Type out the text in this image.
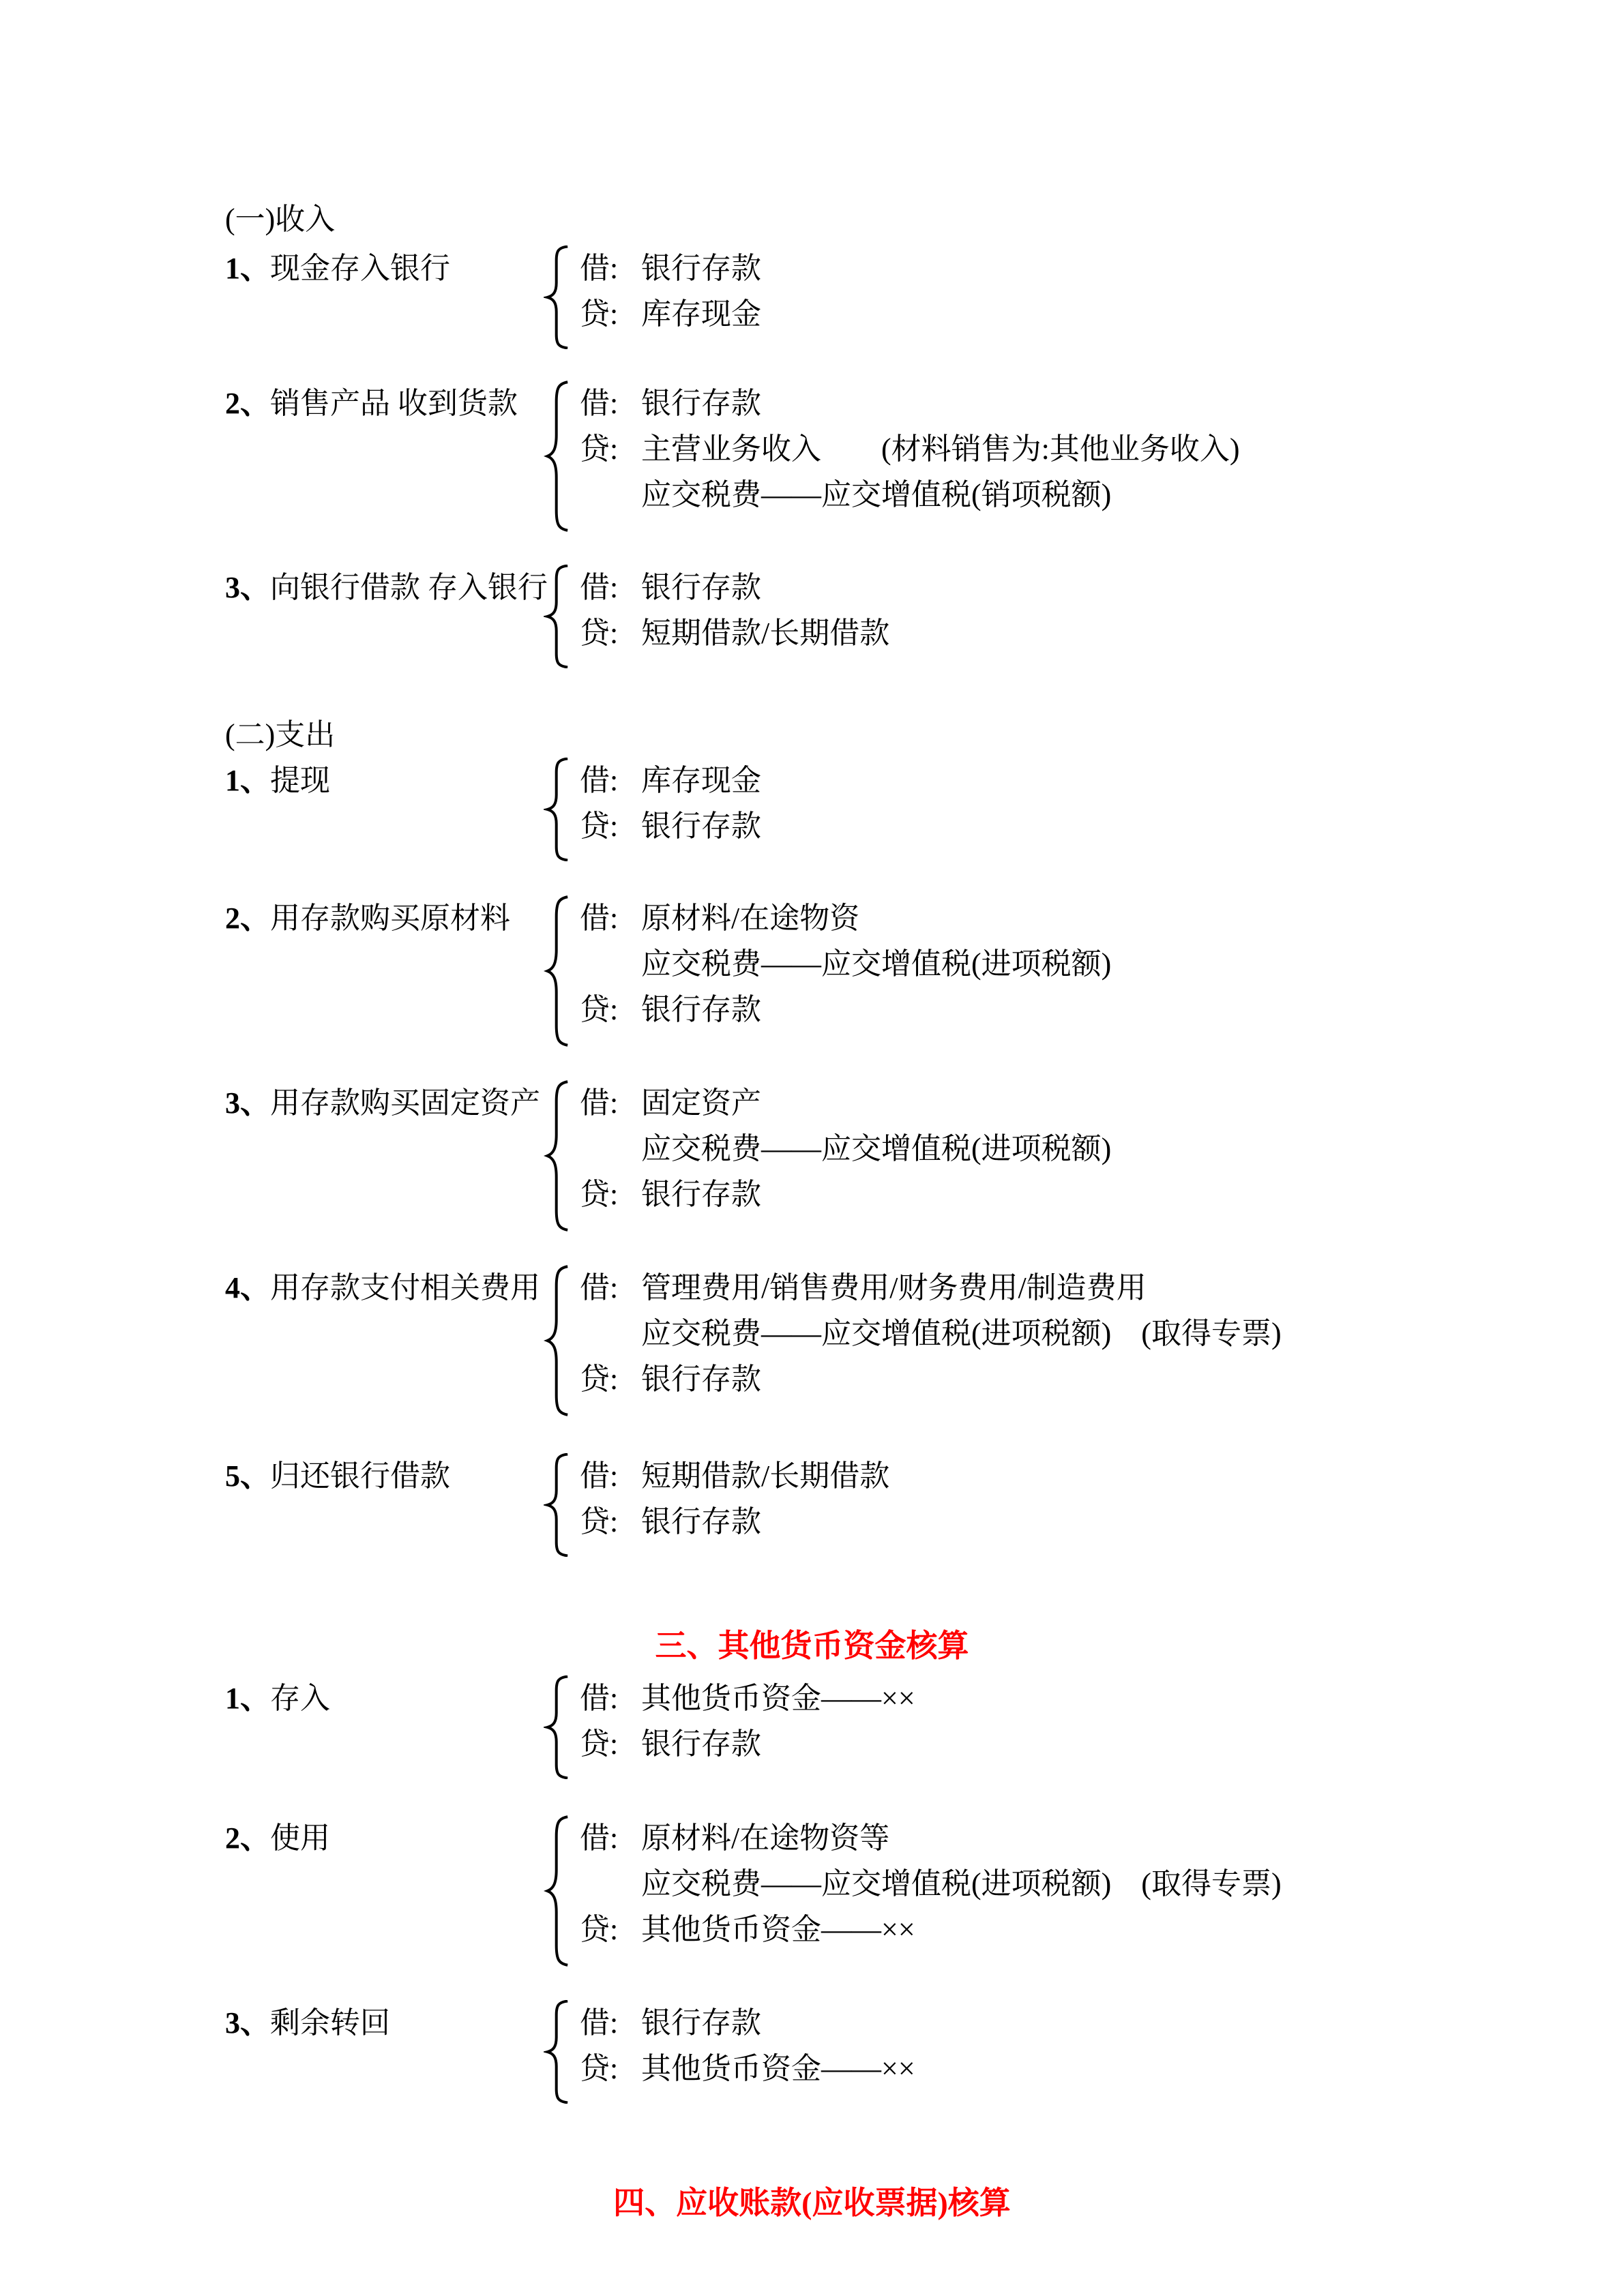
(一)收入
1、现金存入银行	借: 银行存款
贷: 库存现金
2、销售产品 收到货款	借: 银行存款
贷: 主营业务收入　　(材料销售为:其他业务收入)
应交税费——应交增值税(销项税额)
3、向银行借款 存入银行 借: 银行存款
贷: 短期借款/长期借款
(二)支出
1、提现	借: 库存现金
贷: 银行存款
2、用存款购买原材料	借: 原材料/在途物资
应交税费——应交增值税(进项税额)
贷: 银行存款
3、用存款购买固定资产 借: 固定资产
应交税费——应交增值税(进项税额)
贷: 银行存款
4、用存款支付相关费用 借: 管理费用/销售费用/财务费用/制造费用
应交税费——应交增值税(进项税额)　(取得专票)
贷: 银行存款
5、归还银行借款	借: 短期借款/长期借款
贷: 银行存款
三、其他货币资金核算
1、存入	借: 其他货币资金——××
贷: 银行存款
2、使用	借: 原材料/在途物资等
应交税费——应交增值税(进项税额)　(取得专票)
贷: 其他货币资金——××
3、剩余转回	借: 银行存款
贷: 其他货币资金——××
四、应收账款(应收票据)核算
